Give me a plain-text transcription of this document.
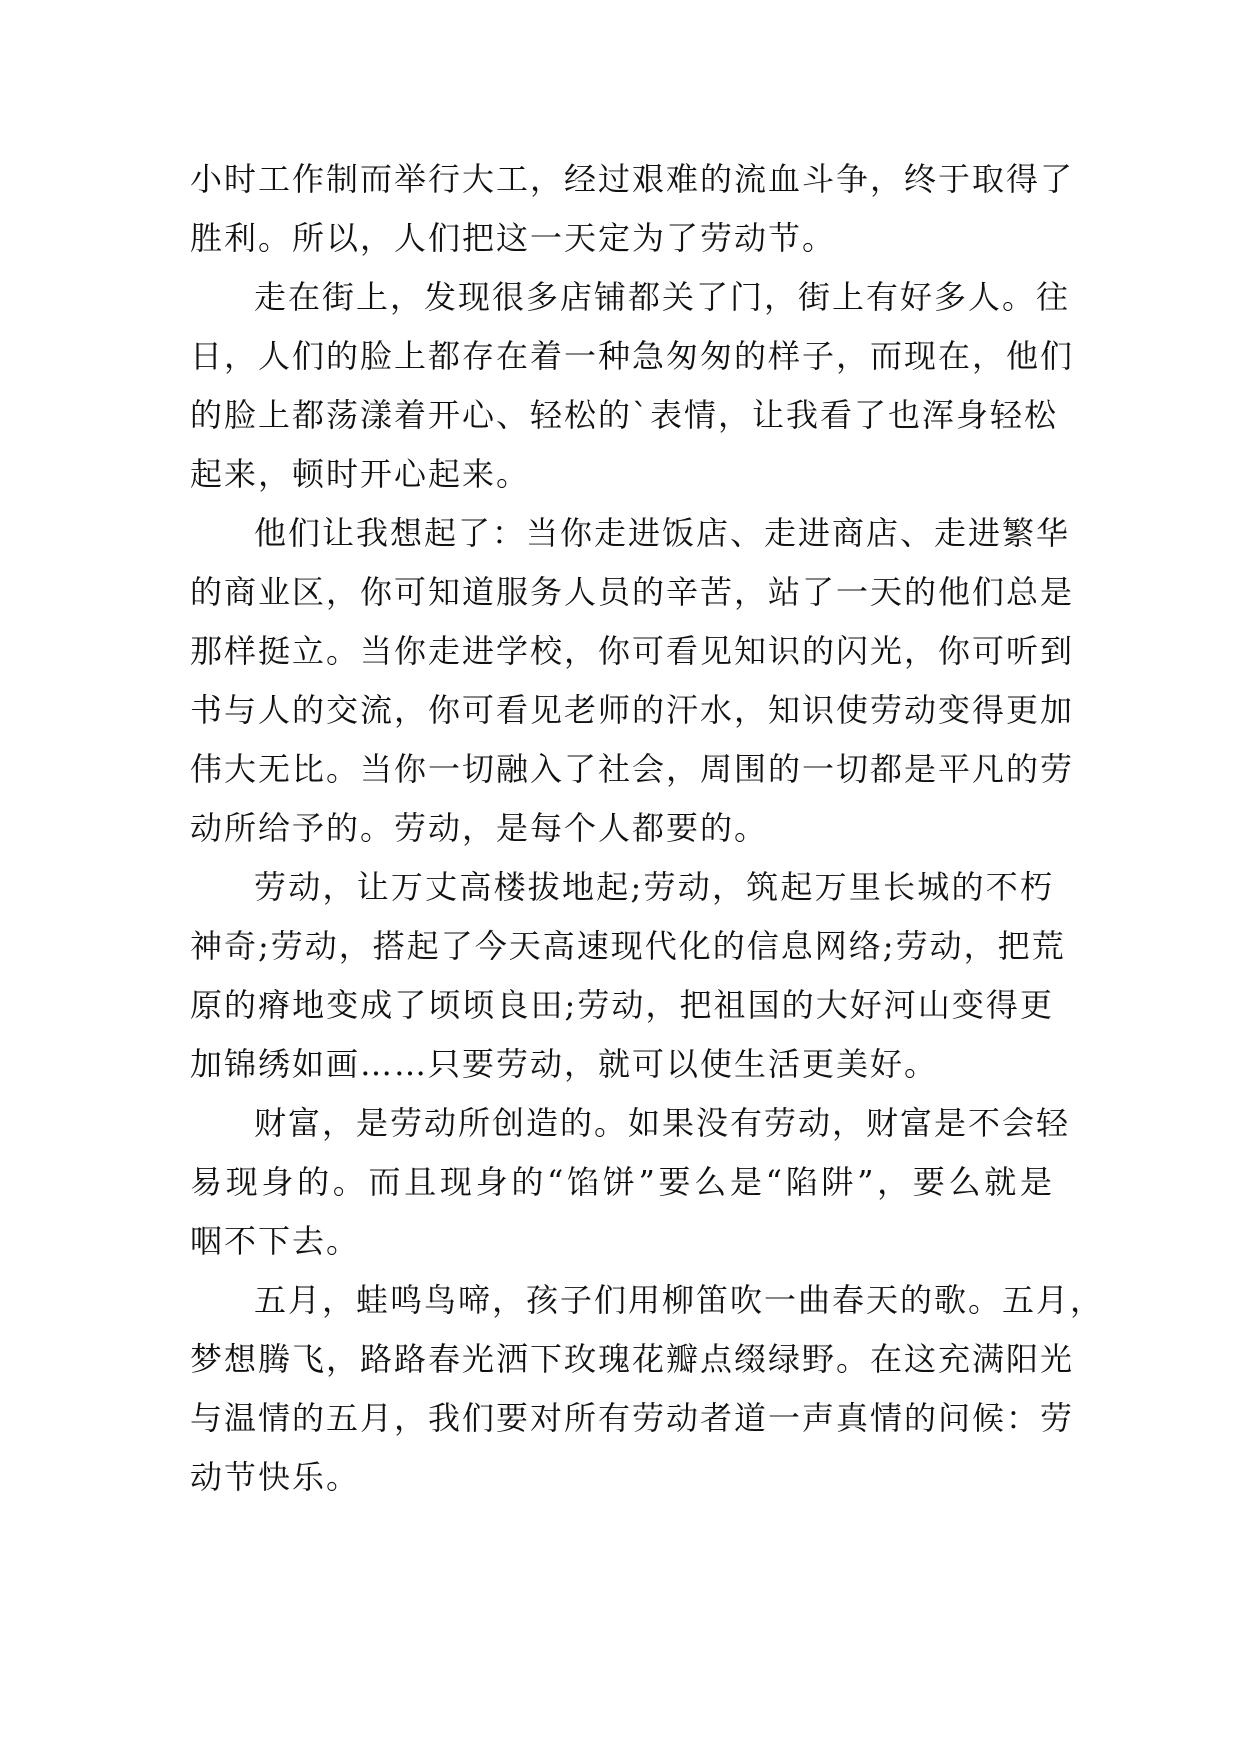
小时工作制而举行大工，经过艰难的流血斗争，终于取得了
胜利。所以，人们把这一天定为了劳动节。
走在街上，发现很多店铺都关了门，街上有好多人。往
日，人们的脸上都存在着一种急匆匆的样子，而现在，他们
的脸上都荡漾着开心、轻松的`表情，让我看了也浑身轻松
起来，顿时开心起来。
他们让我想起了：当你走进饭店、走进商店、走进繁华
的商业区，你可知道服务人员的辛苦，站了一天的他们总是
那样挺立。当你走进学校，你可看见知识的闪光，你可听到
书与人的交流，你可看见老师的汗水，知识使劳动变得更加
伟大无比。当你一切融入了社会，周围的一切都是平凡的劳
动所给予的。劳动，是每个人都要的。
劳动，让万丈高楼拔地起;劳动，筑起万里长城的不朽
神奇;劳动，搭起了今天高速现代化的信息网络;劳动，把荒
原的瘠地变成了顷顷良田;劳动，把祖国的大好河山变得更
加锦绣如画……只要劳动，就可以使生活更美好。
财富，是劳动所创造的。如果没有劳动，财富是不会轻
易现身的。而且现身的“馅饼”要么是“陷阱”，要么就是
咽不下去。
五月，蛙鸣鸟啼，孩子们用柳笛吹一曲春天的歌。五月，
梦想腾飞，路路春光洒下玫瑰花瓣点缀绿野。在这充满阳光
与温情的五月，我们要对所有劳动者道一声真情的问候：劳
动节快乐。
